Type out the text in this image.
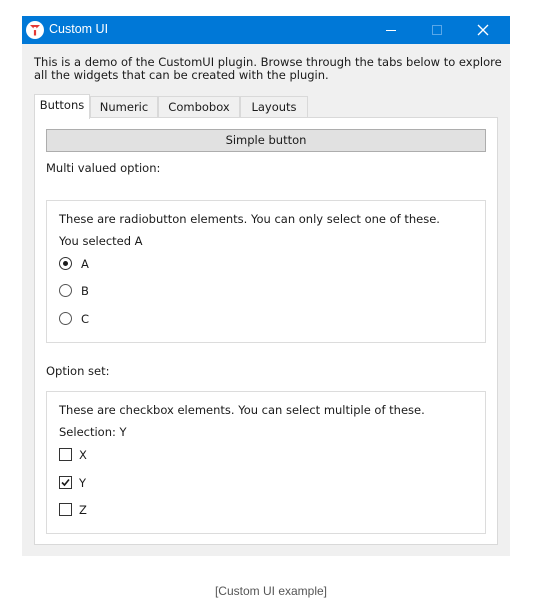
Custom UI
This is a demo of the CustomUI plugin. Browse through the tabs below to explore all the widgets that can be created with the plugin.
Buttons	Numeric	Combobox	Layouts
Simple button
Multi valued option:
These are radiobutton elements. You can only select one of these.
You selected A
A
B
C
Option set:
These are checkbox elements. You can select multiple of these.
Selection: Y
X
Y
Z
[Custom UI example]
